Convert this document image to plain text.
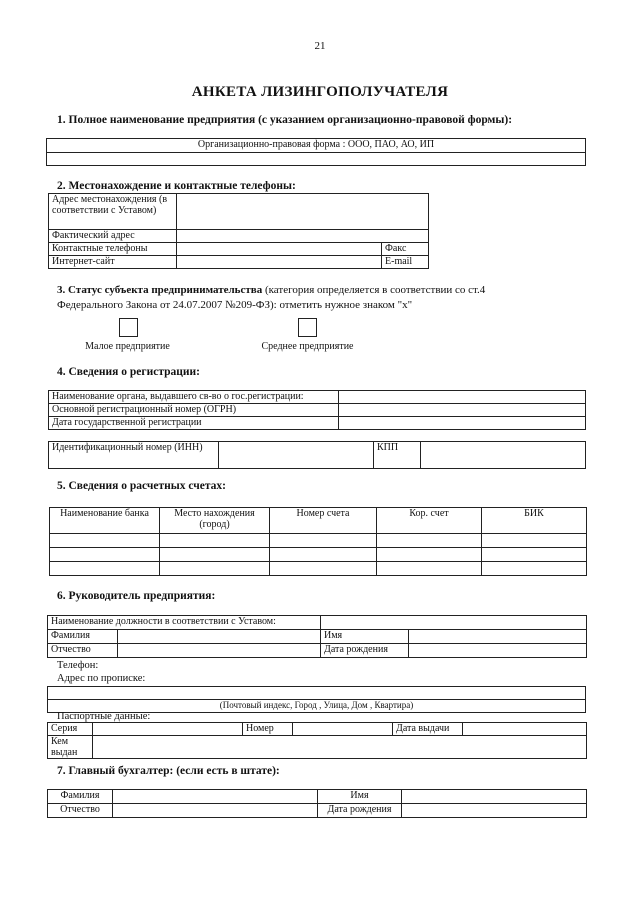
21
АНКЕТА ЛИЗИНГОПОЛУЧАТЕЛЯ
1. Полное наименование предприятия (с указанием организационно-правовой формы):
Организационно-правовая форма : ООО, ПАО, АО, ИП

2. Местонахождение и контактные телефоны:
Адрес местонахождения (в соответствии с Уставом)		
Фактический адрес		
Контактные телефоны		Факс
Интернет-сайт		E-mail
3. Статус субъекта предпринимательства (категория определяется в соответствии со ст.4
Федерального Закона от 24.07.2007 №209-ФЗ): отметить нужное знаком "х"
Малое предприятие	Среднее предприятие
4. Сведения о регистрации:
Наименование органа, выдавшего св-во о гос.регистрации:	
Основной регистрационный номер (ОГРН)	
Дата государственной регистрации	
Идентификационный номер (ИНН)		КПП	
5. Сведения о расчетных счетах:
Наименование банка	Место нахождения (город)	Номер счета	Кор. счет	БИК

6. Руководитель предприятия:
Наименование должности в соответствии с Уставом:			
Фамилия		Имя	
Отчество		Дата рождения	
Телефон:
Адрес по прописке:

(Почтовый индекс, Город , Улица, Дом , Квартира)
Паспортные данные:
Серия		Номер		Дата выдачи	
Кем выдан					
7. Главный бухгалтер: (если есть в штате):
Фамилия		Имя	
Отчество		Дата рождения	
